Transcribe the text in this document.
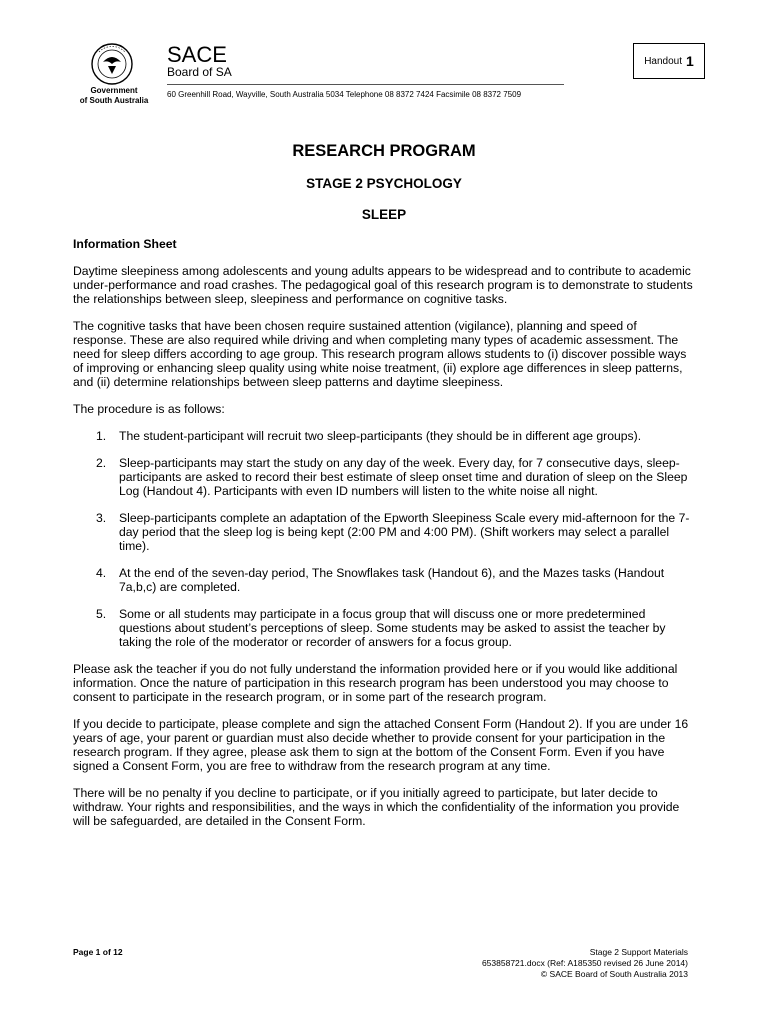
Government
of South Australia
SACE
Board of SA
60 Greenhill Road, Wayville, South Australia 5034 Telephone 08 8372 7424 Facsimile 08 8372 7509
Handout 1
RESEARCH PROGRAM
STAGE 2 PSYCHOLOGY
SLEEP

Information Sheet

Daytime sleepiness among adolescents and young adults appears to be widespread and to contribute to academic under-performance and road crashes. The pedagogical goal of this research program is to demonstrate to students the relationships between sleep, sleepiness and performance on cognitive tasks.

The cognitive tasks that have been chosen require sustained attention (vigilance), planning and speed of response. These are also required while driving and when completing many types of academic assessment. The need for sleep differs according to age group. This research program allows students to (i) discover possible ways of improving or enhancing sleep quality using white noise treatment, (ii) explore age differences in sleep patterns, and (ii) determine relationships between sleep patterns and daytime sleepiness.

The procedure is as follows:

1.	The student-participant will recruit two sleep-participants (they should be in different age groups).
2.	Sleep-participants may start the study on any day of the week. Every day, for 7 consecutive days, sleep-participants are asked to record their best estimate of sleep onset time and duration of sleep on the Sleep Log (Handout 4). Participants with even ID numbers will listen to the white noise all night.
3.	Sleep-participants complete an adaptation of the Epworth Sleepiness Scale every mid-afternoon for the 7-day period that the sleep log is being kept (2:00 PM and 4:00 PM). (Shift workers may select a parallel time).
4.	At the end of the seven-day period, The Snowflakes task (Handout 6), and the Mazes tasks (Handout 7a,b,c) are completed.
5.	Some or all students may participate in a focus group that will discuss one or more predetermined questions about student’s perceptions of sleep. Some students may be asked to assist the teacher by taking the role of the moderator or recorder of answers for a focus group.

Please ask the teacher if you do not fully understand the information provided here or if you would like additional information. Once the nature of participation in this research program has been understood you may choose to consent to participate in the research program, or in some part of the research program.

If you decide to participate, please complete and sign the attached Consent Form (Handout 2). If you are under 16 years of age, your parent or guardian must also decide whether to provide consent for your participation in the research program. If they agree, please ask them to sign at the bottom of the Consent Form. Even if you have signed a Consent Form, you are free to withdraw from the research program at any time.

There will be no penalty if you decline to participate, or if you initially agreed to participate, but later decide to withdraw. Your rights and responsibilities, and the ways in which the confidentiality of the information you provide will be safeguarded, are detailed in the Consent Form.

Page 1 of 12	Stage 2 Support Materials
653858721.docx (Ref: A185350 revised 26 June 2014)
© SACE Board of South Australia 2013
